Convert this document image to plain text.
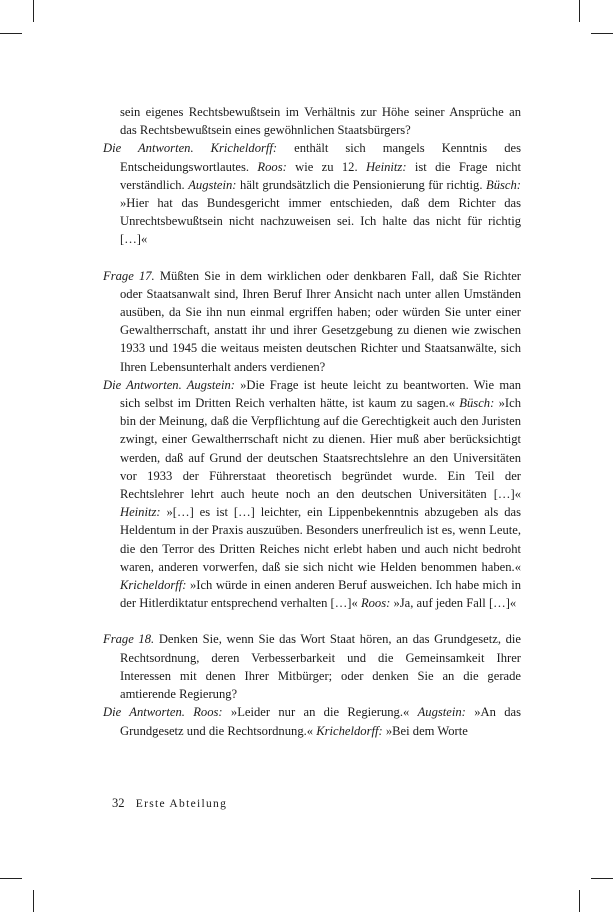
sein eigenes Rechtsbewußtsein im Verhältnis zur Höhe seiner Ansprüche an das Rechtsbewußtsein eines gewöhnlichen Staatsbürgers?

Die Antworten. Kricheldorff: enthält sich mangels Kenntnis des Entscheidungswortlautes. Roos: wie zu 12. Heinitz: ist die Frage nicht verständlich. Augstein: hält grundsätzlich die Pensionierung für richtig. Büsch: »Hier hat das Bundesgericht immer entschieden, daß dem Richter das Unrechtsbewußtsein nicht nachzuweisen sei. Ich halte das nicht für richtig […]«

Frage 17. Müßten Sie in dem wirklichen oder denkbaren Fall, daß Sie Richter oder Staatsanwalt sind, Ihren Beruf Ihrer Ansicht nach unter allen Umständen ausüben, da Sie ihn nun einmal ergriffen haben; oder würden Sie unter einer Gewaltherrschaft, anstatt ihr und ihrer Gesetzgebung zu dienen wie zwischen 1933 und 1945 die weitaus meisten deutschen Richter und Staatsanwälte, sich Ihren Lebensunterhalt anders verdienen?

Die Antworten. Augstein: »Die Frage ist heute leicht zu beantworten. Wie man sich selbst im Dritten Reich verhalten hätte, ist kaum zu sagen.« Büsch: »Ich bin der Meinung, daß die Verpflichtung auf die Gerechtigkeit auch den Juristen zwingt, einer Gewaltherrschaft nicht zu dienen. Hier muß aber berücksichtigt werden, daß auf Grund der deutschen Staatsrechtslehre an den Universitäten vor 1933 der Führerstaat theoretisch begründet wurde. Ein Teil der Rechtslehrer lehrt auch heute noch an den deutschen Universitäten […]« Heinitz: »[…] es ist […] leichter, ein Lippenbekenntnis abzugeben als das Heldentum in der Praxis auszuüben. Besonders unerfreulich ist es, wenn Leute, die den Terror des Dritten Reiches nicht erlebt haben und auch nicht bedroht waren, anderen vorwerfen, daß sie sich nicht wie Helden benommen haben.« Kricheldorff: »Ich würde in einen anderen Beruf ausweichen. Ich habe mich in der Hitlerdiktatur entsprechend verhalten […]« Roos: »Ja, auf jeden Fall […]«

Frage 18. Denken Sie, wenn Sie das Wort Staat hören, an das Grundgesetz, die Rechtsordnung, deren Verbesserbarkeit und die Gemeinsamkeit Ihrer Interessen mit denen Ihrer Mitbürger; oder denken Sie an die gerade amtierende Regierung?

Die Antworten. Roos: »Leider nur an die Regierung.« Augstein: »An das Grundgesetz und die Rechtsordnung.« Kricheldorff: »Bei dem Worte

32 Erste Abteilung
